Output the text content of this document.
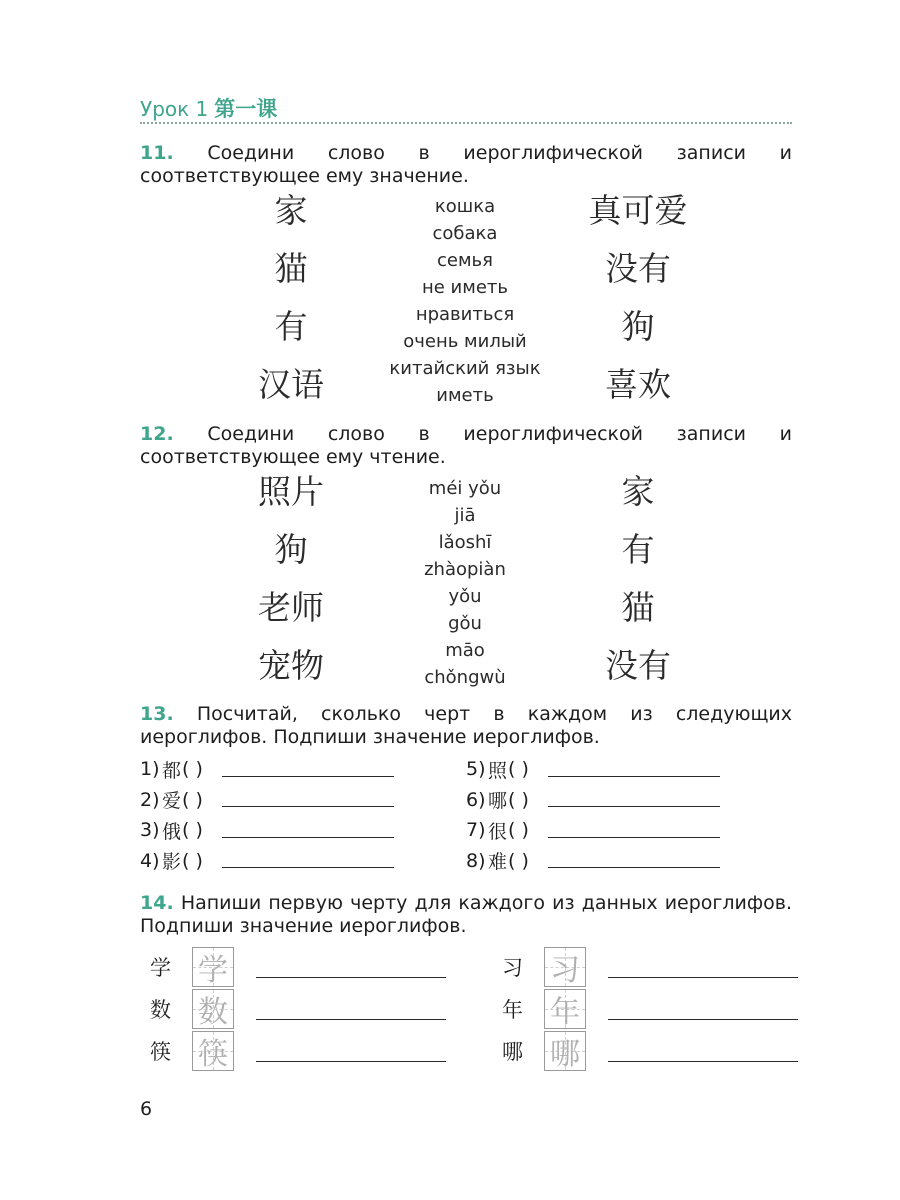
Урок 1 第一课
11. Соедини слово в иероглифической записи и соответствующее ему значение.
家
猫
有
汉语
кошка
собака
семья
не иметь
нравиться
очень милый
китайский язык
иметь
真可爱
没有
狗
喜欢
12. Соедини слово в иероглифической записи и соответствующее ему чтение.
照片
狗
老师
宠物
méi yǒu
jiā
lǎoshī
zhàopiàn
yǒu
gǒu
māo
chǒngwù
家
有
猫
没有
13. Посчитай, сколько черт в каждом из следующих иероглифов. Подпиши значение иероглифов.
1) 都 ( )
2) 爱 ( )
3) 俄 ( )
4) 影 ( )
5) 照 ( )
6) 哪 ( )
7) 很 ( )
8) 难 ( )
14. Напиши первую черту для каждого из данных иероглифов. Подпиши значение иероглифов.
学 学
数 数
筷 筷
习 习
年 年
哪 哪
6
